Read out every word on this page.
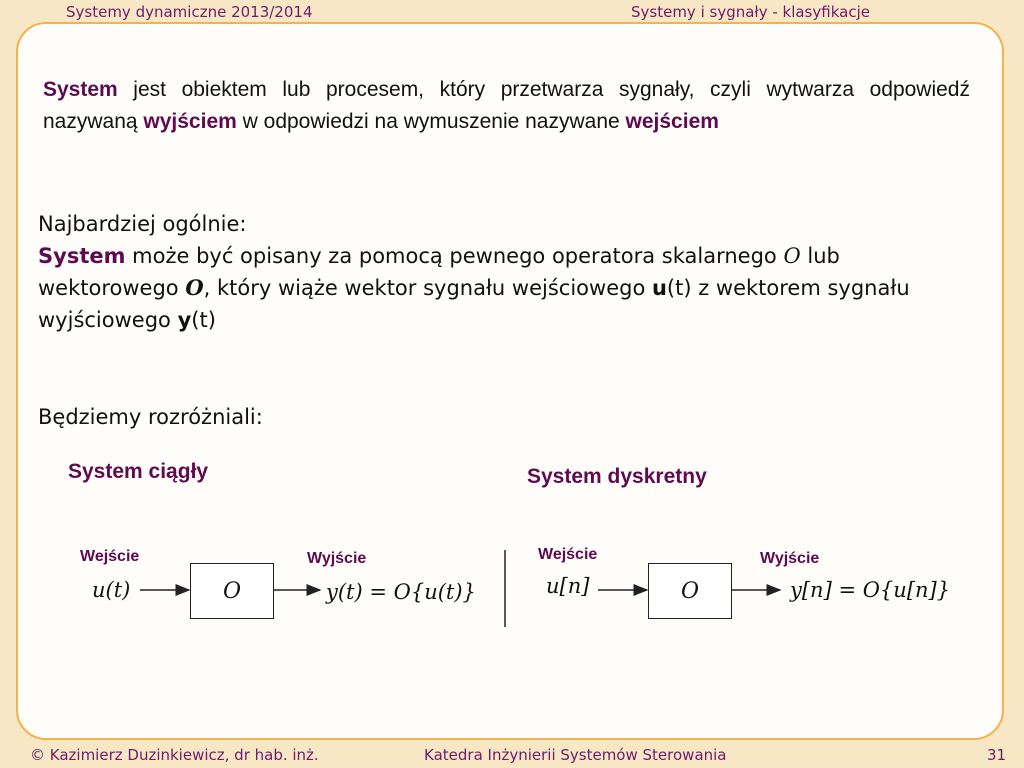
Systemy dynamiczne 2013/2014	Systemy i sygnały - klasyfikacje
System jest obiektem lub procesem, który przetwarza sygnały, czyli wytwarza odpowiedź nazywaną wyjściem w odpowiedzi na wymuszenie nazywane wejściem
Najbardziej ogólnie:
System może być opisany za pomocą pewnego operatora skalarnego O lub wektorowego O, który wiąże wektor sygnału wejściowego u(t) z wektorem sygnału wyjściowego y(t)
Będziemy rozróżniali:
System ciągły
Wejście
u(t)	O
Wyjście
y(t) = O{u(t)}
System dyskretny
Wejście
u[n]	O
Wyjście
y[n] = O{u[n]}
© Kazimierz Duzinkiewicz, dr hab. inż.	Katedra Inżynierii Systemów Sterowania	31
